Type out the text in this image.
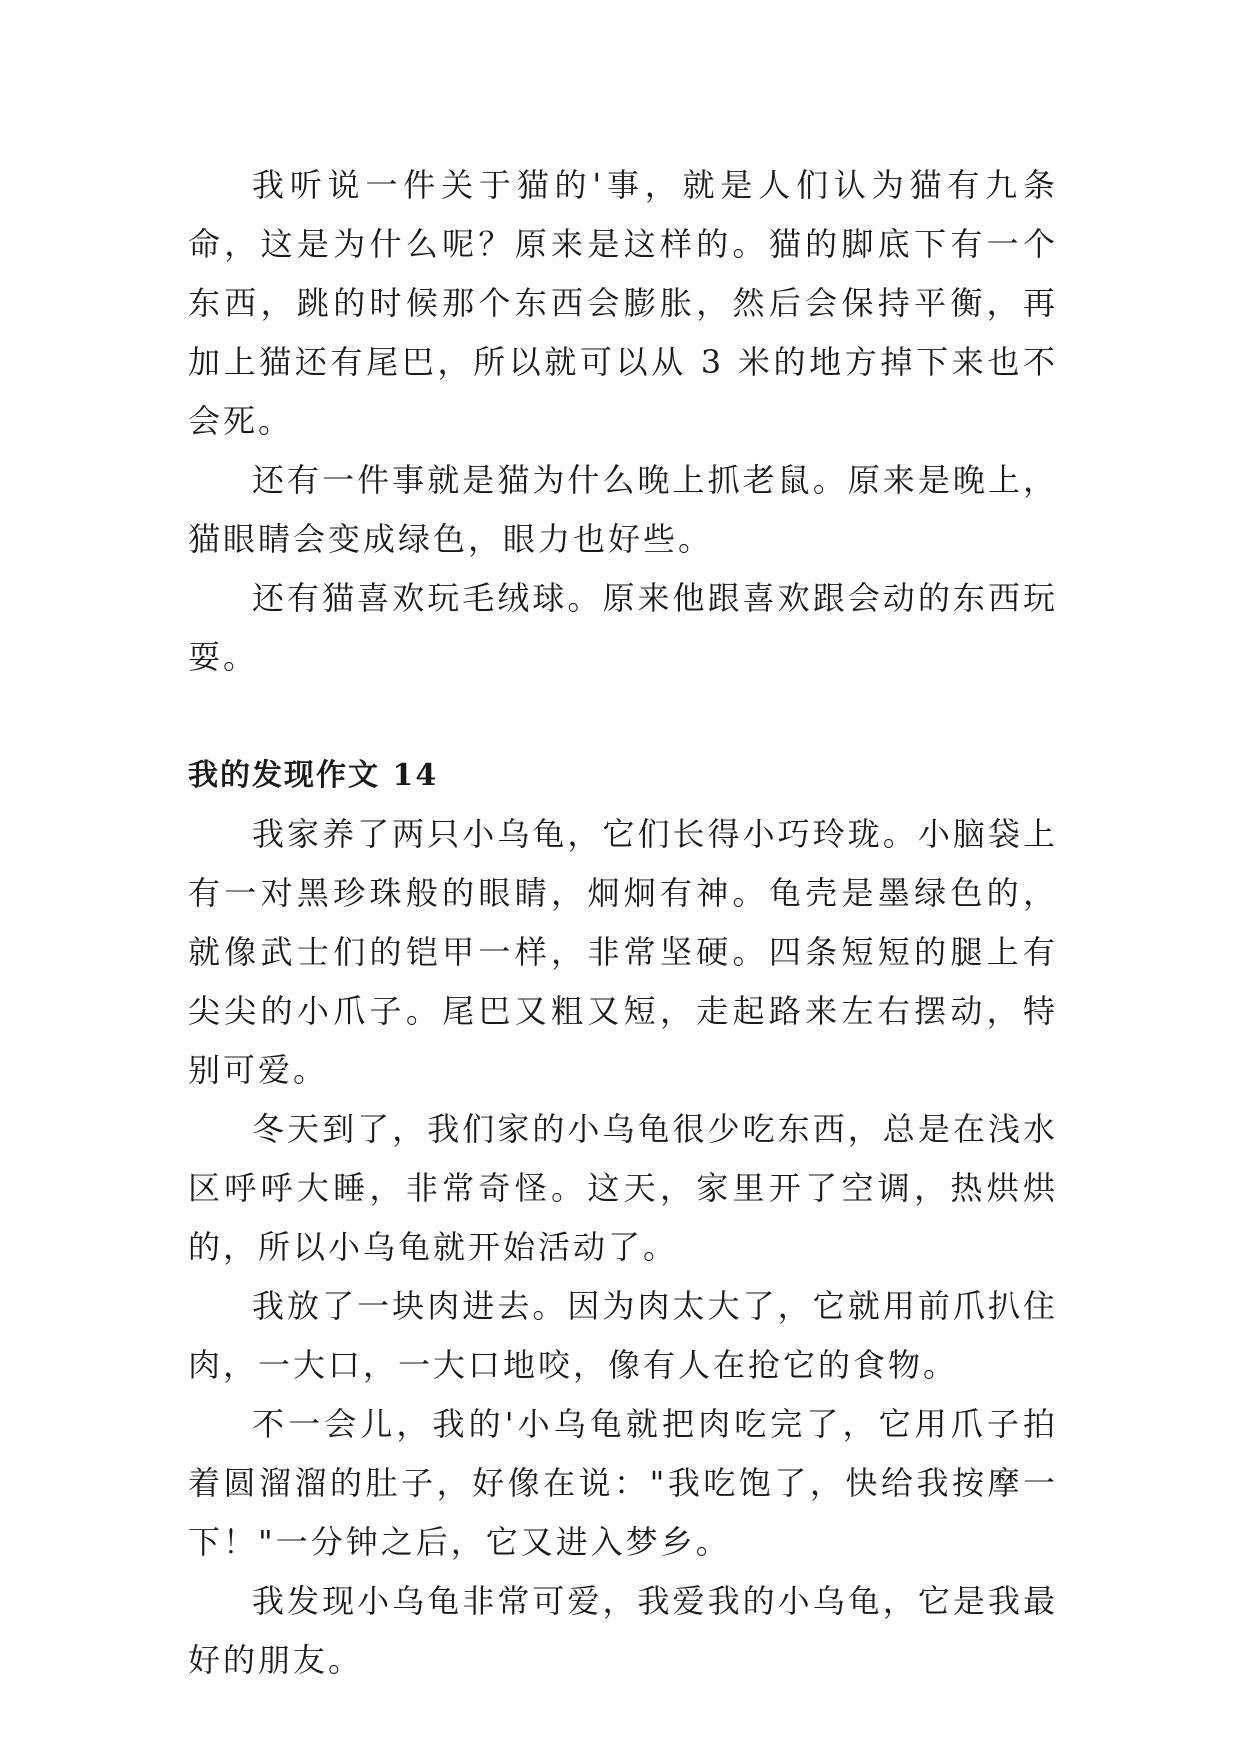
我听说一件关于猫的'事，就是人们认为猫有九条命，这是为什么呢？原来是这样的。猫的脚底下有一个东西，跳的时候那个东西会膨胀，然后会保持平衡，再加上猫还有尾巴，所以就可以从 3 米的地方掉下来也不会死。

还有一件事就是猫为什么晚上抓老鼠。原来是晚上，猫眼睛会变成绿色，眼力也好些。

还有猫喜欢玩毛绒球。原来他跟喜欢跟会动的东西玩耍。

我的发现作文 14

我家养了两只小乌龟，它们长得小巧玲珑。小脑袋上有一对黑珍珠般的眼睛，炯炯有神。龟壳是墨绿色的，就像武士们的铠甲一样，非常坚硬。四条短短的腿上有尖尖的小爪子。尾巴又粗又短，走起路来左右摆动，特别可爱。

冬天到了，我们家的小乌龟很少吃东西，总是在浅水区呼呼大睡，非常奇怪。这天，家里开了空调，热烘烘的，所以小乌龟就开始活动了。

我放了一块肉进去。因为肉太大了，它就用前爪扒住肉，一大口，一大口地咬，像有人在抢它的食物。

不一会儿，我的'小乌龟就把肉吃完了，它用爪子拍着圆溜溜的肚子，好像在说："我吃饱了，快给我按摩一下！"一分钟之后，它又进入梦乡。

我发现小乌龟非常可爱，我爱我的小乌龟，它是我最好的朋友。
